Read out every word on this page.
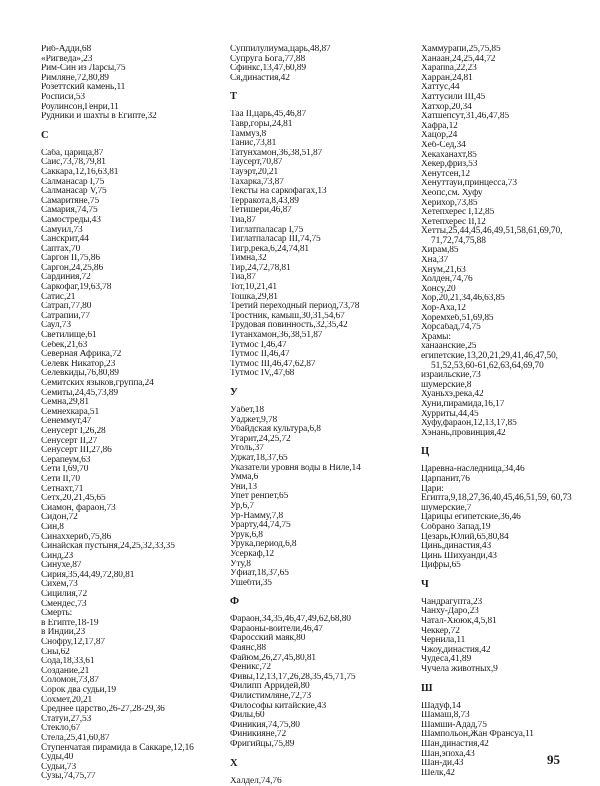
Риб-Адди,68
«Ригведа»,23
Рим-Син из Ларсы,75
Римляне,72,80,89
Розеттский камень,11
Росписи,53
Роулинсон,Генри,11
Рудники и шахты в Египте,32
С
Саба, царица,87
Саис,73,78,79,81
Саккара,12,16,63,81
Салманасар I,75
Салманасар V,75
Самаритяне,75
Самария,74,75
Самостреды,43
Самуил,73
Санскрит,44
Саптах,70
Саргон II,75,86
Саргон,24,25,86
Сардиния,72
Саркофаг,19,63,78
Сатис,21
Сатрап,77,80
Сатрапии,77
Саул,73
Светилище,61
Себек,21,63
Северная Африка,72
Селевк Никатор,23
Селевкиды,76,80,89
Семитских языков,группа,24
Семиты,24,45,73,89
Семна,29,81
Семнехкара,51
Сенеммут,47
Сенусерт I,26,28
Сенусерт II,27
Сенусерт III,27,86
Серапеум,63
Сети I,69,70
Сети II,70
Сетнахт,71
Сетх,20,21,45,65
Сиамон, фараон,73
Сидон,72
Син,8
Синаххериб,75,86
Синайская пустыня,24,25,32,33,35
Синд,23
Синухе,87
Сирия,35,44,49,72,80,81
Сихем,73
Сицилия,72
Смендес,73
Смерть:
в Египте,18-19
в Индии,23
Снофру,12,17,87
Сны,62
Сода,18,33,61
Создание,21
Соломон,73,87
Сорок два судьи,19
Сохмет,20,21
Среднее царство,26-27,28-29,36
Статуи,27,53
Стекло,67
Стела,25,41,60,87
Ступенчатая пирамида в Саккаре,12,16
Суды,40
Судьи,73
Сузы,74,75,77
Суппилулиума,царь,48,87
Супруга Бога,77,88
Сфинкс,13,47,60,89
Ся,династия,42
Т
Таа II,царь,45,46,87
Тавр,горы,24,81
Таммуз,8
Танис,73,81
Татунхамон,36,38,51,87
Таусерт,70,87
Тауэрт,20,21
Тахарка,73,87
Тексты на саркофагах,13
Терракота,8,43,89
Тетишери,46,87
Тиа,87
Тиглатпаласар I,75
Тиглатпаласар III,74,75
Тигр,река,6,24,74,81
Тимна,32
Тир,24,72,78,81
Тиа,87
Тот,10,21,41
Тошка,29,81
Третий переходный период,73,78
Тростник, камыш,30,31,54,67
Трудовая повинность,32,35,42
Тутанхамон,36,38,51,87
Тутмос I,46,47
Тутмос II,46,47
Тутмос III,46,47,62,87
Тутмос IV,,47,68
У
Уабет,18
Уаджет,9,78
Убайдская культура,6,8
Угарит,24,25,72
Уголь,37
Уджат,18,37,65
Указатели уровня воды в Ниле,14
Умма,6
Уни,13
Упет ренпет,65
Ур,6,7
Ур-Намму,7,8
Урарту,44,74,75
Урук,6,8
Урука,период,6,8
Усеркаф,12
Уту,8
Уфиат,18,37,65
Ушебти,35
Ф
Фараон,34,35,46,47,49,62,68,80
Фараоны-воители,46,47
Фаросский маяк,80
Фаянс,88
Файюм,26,27,45,80,81
Феникс,72
Фивы,12,13,17,26,28,35,45,71,75
Филипп Арридей,80
Филистимляне,72,73
Философы китайские,43
Филы,60
Финикия,74,75,80
Финикияне,72
Фригийцы,75,89
Х
Халдел,74,76
Хаммурапи,25,75,85
Ханаан,24,25,44,72
Харапnа,22,23
Харран,24,81
Хаттус,44
Хаттусили III,45
Хатхор,20,34
Хатшепсут,31,46,47,85
Хафра,12
Хацор,24
Хеб-Сед,34
Хекаханахт,85
Хекер,фриз,53
Хенутсен,12
Хенуттауи,принцесса,73
Хеопс,см. Хуфу
Херихор,73,85
Хетепхерес I,12,85
Хетепхерес II,12
Хетты,25,44,45,46,49,51,58,61,69,70, 71,72,74,75,88
Хирам,85
Хна,37
Хнум,21,63
Холден,74,76
Хонсу,20
Хор,20,21,34,46,63,85
Хор-Аха,12
Хоремхеб,51,69,85
Хорсабад,74,75
Храмы:
ханаанские,25
египетские,13,20,21,29,41,46,47,50, 51,52,53,60-61,62,63,64,69,70
израильские,73
шумерские,8
Хуаньхэ,река,42
Хуни,пирамида,16,17
Хурриты,44,45
Хуфу,фараон,12,13,17,85
Хэнань,провинция,42
Ц
Царевна-наследница,34,46
Царпанит,76
Цари:
Египта,9,18,27,36,40,45,46,51,59, 60,73
шумерские,7
Царицы египетские,36,46
Собрано Запад,19
Цезарь,Юлий,65,80,84
Цинь,династия,43
Цинь Шихуанди,43
Цифры,65
Ч
Чандрагупта,23
Чанху-Даро,23
Чатал-Хююк,4,5,81
Чеккер,72
Чернила,11
Чжоу,династия,42
Чудеса,41,89
Чучела животных,9
Ш
Шадуф,14
Шамаш,8,73
Шамши-Адад,75
Шампольон,Жан Франсуа,11
Шан,династия,42
Шан,эпоха,43
Шан-ди,43
Шелк,42
95
